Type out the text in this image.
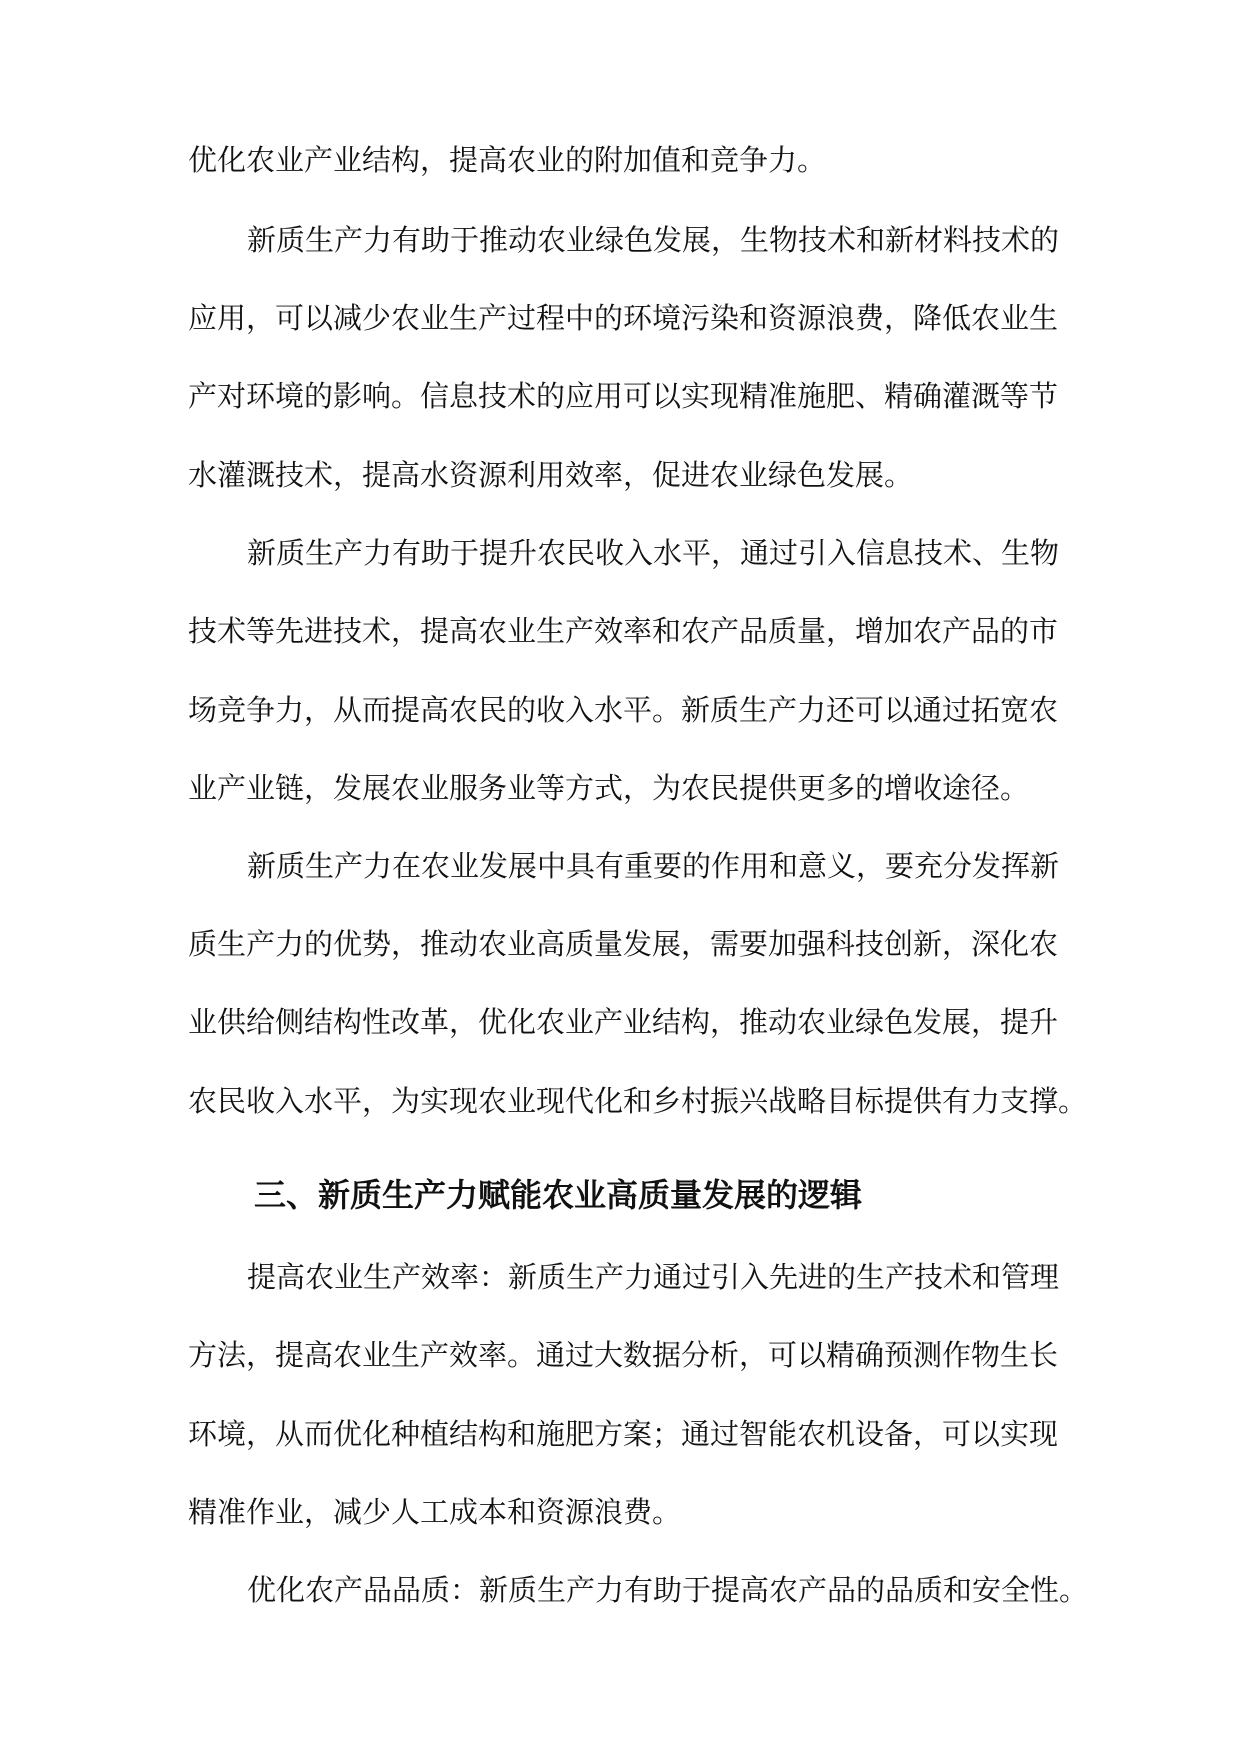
优化农业产业结构，提高农业的附加值和竞争力。
新质生产力有助于推动农业绿色发展，生物技术和新材料技术的
应用，可以减少农业生产过程中的环境污染和资源浪费，降低农业生
产对环境的影响。信息技术的应用可以实现精准施肥、精确灌溉等节
水灌溉技术，提高水资源利用效率，促进农业绿色发展。
新质生产力有助于提升农民收入水平，通过引入信息技术、生物
技术等先进技术，提高农业生产效率和农产品质量，增加农产品的市
场竞争力，从而提高农民的收入水平。新质生产力还可以通过拓宽农
业产业链，发展农业服务业等方式，为农民提供更多的增收途径。
新质生产力在农业发展中具有重要的作用和意义，要充分发挥新
质生产力的优势，推动农业高质量发展，需要加强科技创新，深化农
业供给侧结构性改革，优化农业产业结构，推动农业绿色发展，提升
农民收入水平，为实现农业现代化和乡村振兴战略目标提供有力支撑。
三、新质生产力赋能农业高质量发展的逻辑
提高农业生产效率：新质生产力通过引入先进的生产技术和管理
方法，提高农业生产效率。通过大数据分析，可以精确预测作物生长
环境，从而优化种植结构和施肥方案；通过智能农机设备，可以实现
精准作业，减少人工成本和资源浪费。
优化农产品品质：新质生产力有助于提高农产品的品质和安全性。
